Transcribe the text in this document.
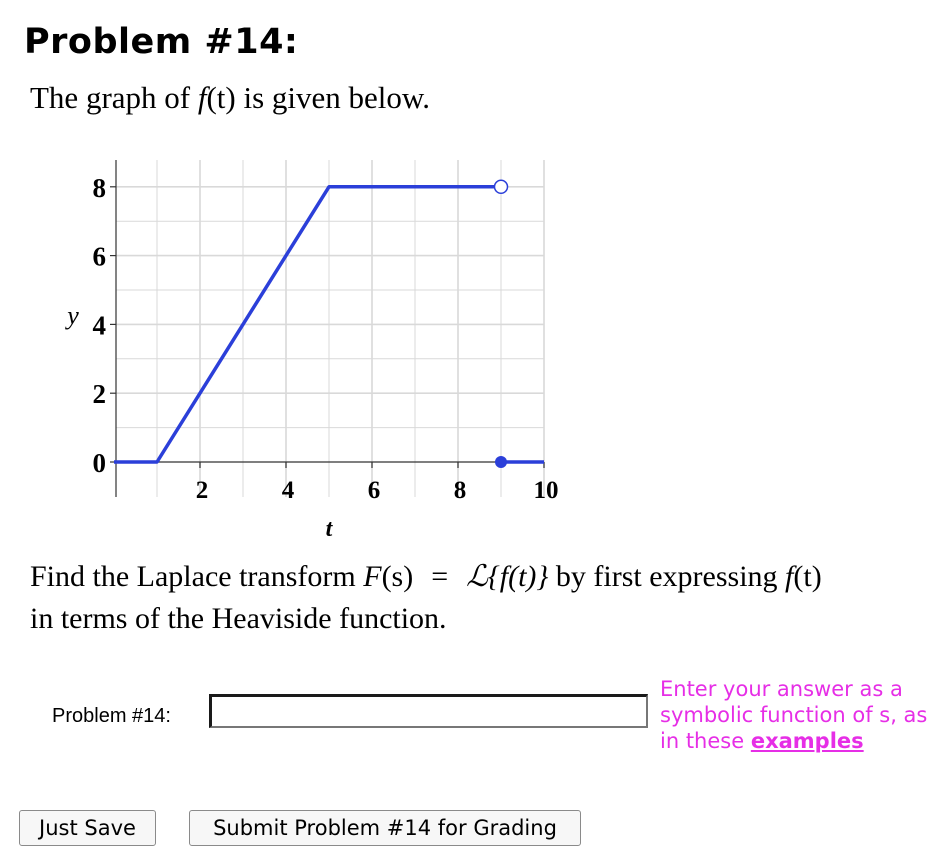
Problem #14:
The graph of f(t) is given below.
0
2
4
6
8
2	4	6	8	10
y
t
Find the Laplace transform F(s) = ℒ{f(t)} by first expressing f(t)
in terms of the Heaviside function.
Problem #14:
Enter your answer as a symbolic function of s, as in these examples
Just Save	Submit Problem #14 for Grading
